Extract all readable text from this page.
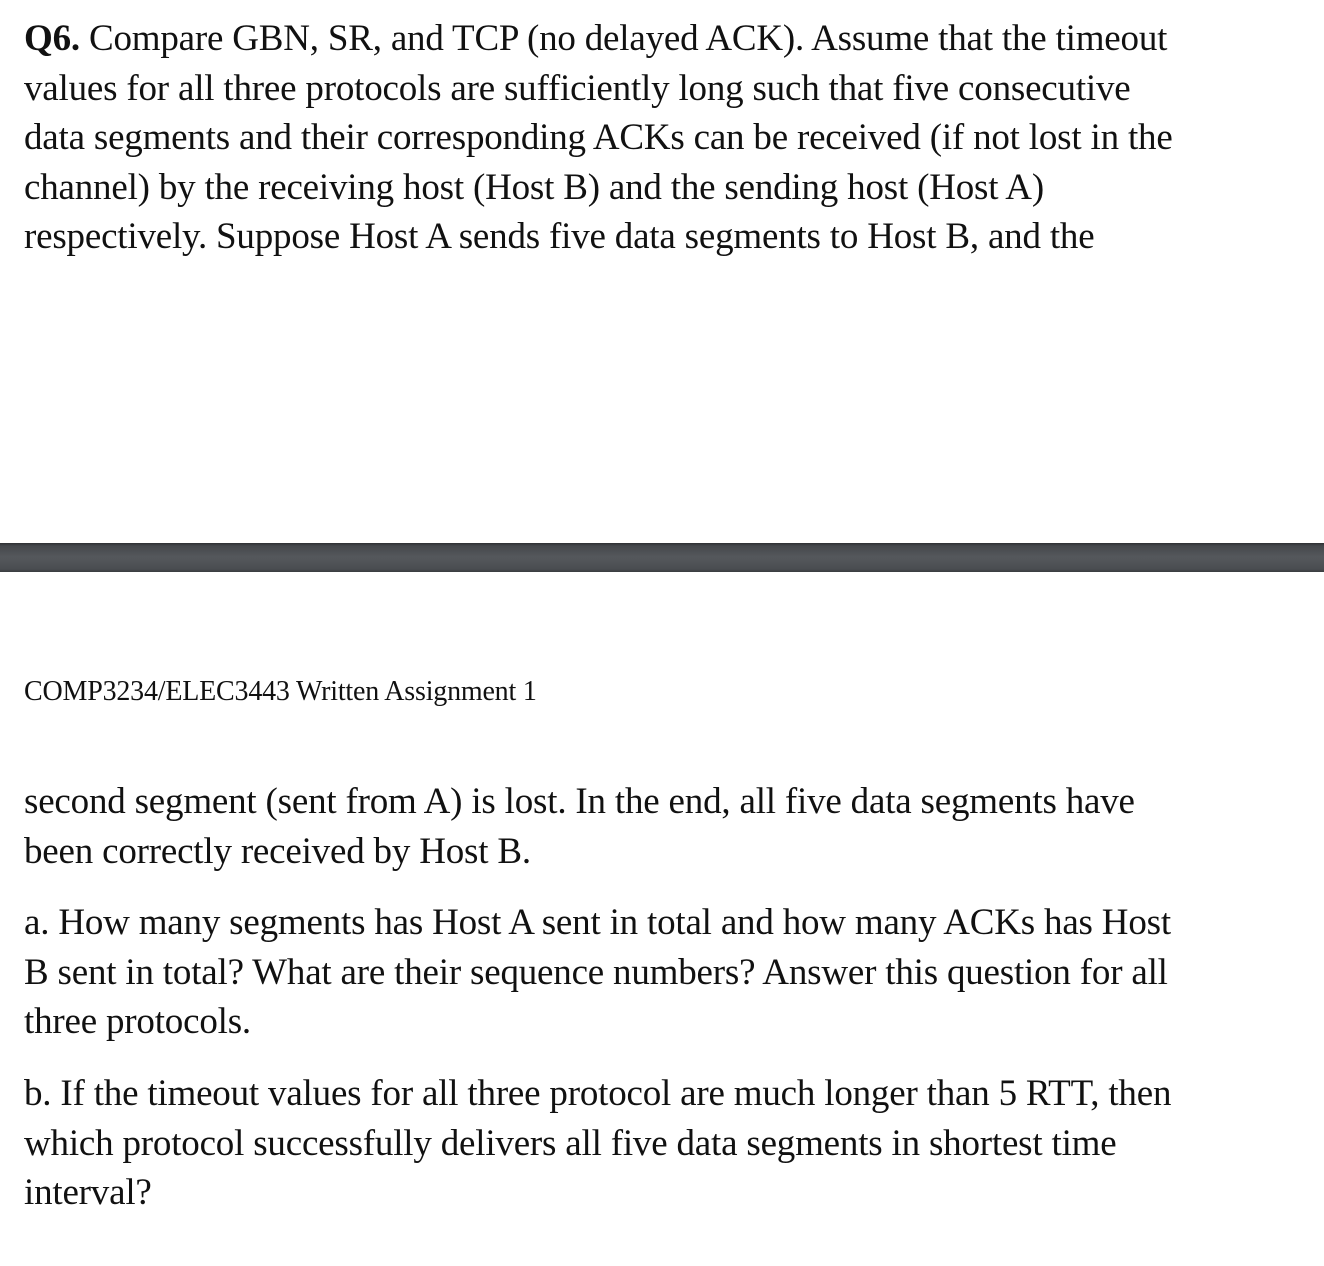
Q6. Compare GBN, SR, and TCP (no delayed ACK). Assume that the timeout
values for all three protocols are sufficiently long such that five consecutive
data segments and their corresponding ACKs can be received (if not lost in the
channel) by the receiving host (Host B) and the sending host (Host A)
respectively. Suppose Host A sends five data segments to Host B, and the

COMP3234/ELEC3443 Written Assignment 1

second segment (sent from A) is lost. In the end, all five data segments have
been correctly received by Host B.

a. How many segments has Host A sent in total and how many ACKs has Host
B sent in total? What are their sequence numbers? Answer this question for all
three protocols.

b. If the timeout values for all three protocol are much longer than 5 RTT, then
which protocol successfully delivers all five data segments in shortest time
interval?
